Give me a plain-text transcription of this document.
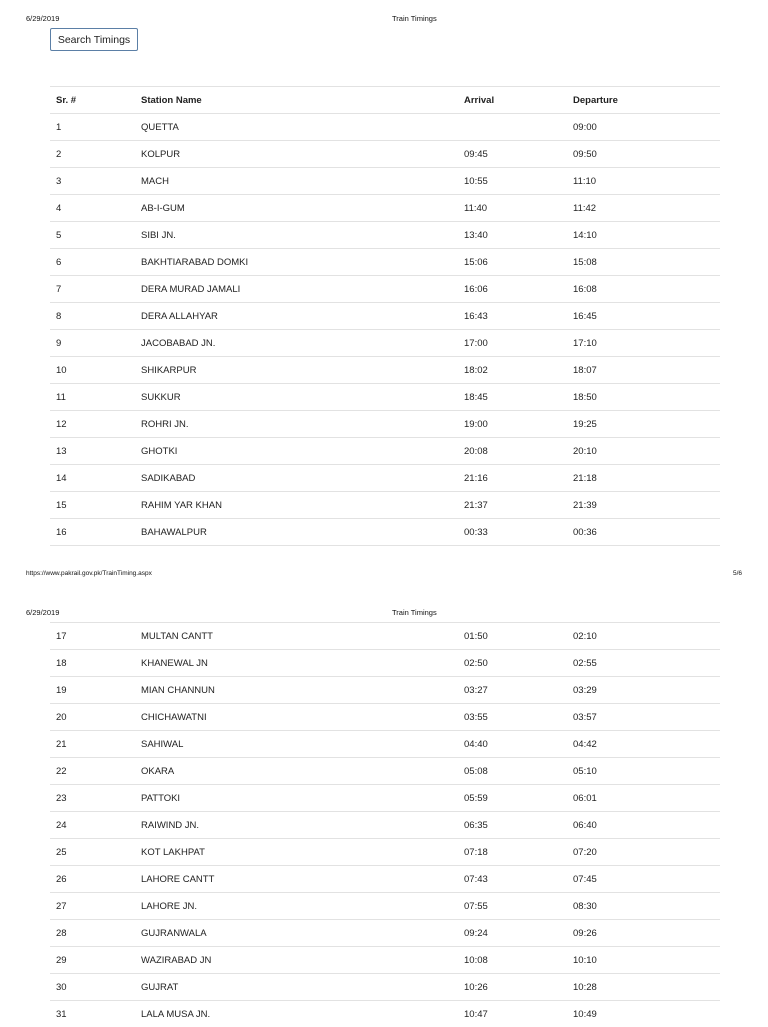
6/29/2019	Train Timings
Search Timings
Sr. #	Station Name	Arrival	Departure
1	QUETTA		09:00
2	KOLPUR	09:45	09:50
3	MACH	10:55	11:10
4	AB-I-GUM	11:40	11:42
5	SIBI JN.	13:40	14:10
6	BAKHTIARABAD DOMKI	15:06	15:08
7	DERA MURAD JAMALI	16:06	16:08
8	DERA ALLAHYAR	16:43	16:45
9	JACOBABAD JN.	17:00	17:10
10	SHIKARPUR	18:02	18:07
11	SUKKUR	18:45	18:50
12	ROHRI JN.	19:00	19:25
13	GHOTKI	20:08	20:10
14	SADIKABAD	21:16	21:18
15	RAHIM YAR KHAN	21:37	21:39
16	BAHAWALPUR	00:33	00:36
https://www.pakrail.gov.pk/TrainTiming.aspx	5/6
6/29/2019	Train Timings
17	MULTAN CANTT	01:50	02:10
18	KHANEWAL JN	02:50	02:55
19	MIAN CHANNUN	03:27	03:29
20	CHICHAWATNI	03:55	03:57
21	SAHIWAL	04:40	04:42
22	OKARA	05:08	05:10
23	PATTOKI	05:59	06:01
24	RAIWIND JN.	06:35	06:40
25	KOT LAKHPAT	07:18	07:20
26	LAHORE CANTT	07:43	07:45
27	LAHORE JN.	07:55	08:30
28	GUJRANWALA	09:24	09:26
29	WAZIRABAD JN	10:08	10:10
30	GUJRAT	10:26	10:28
31	LALA MUSA JN.	10:47	10:49
